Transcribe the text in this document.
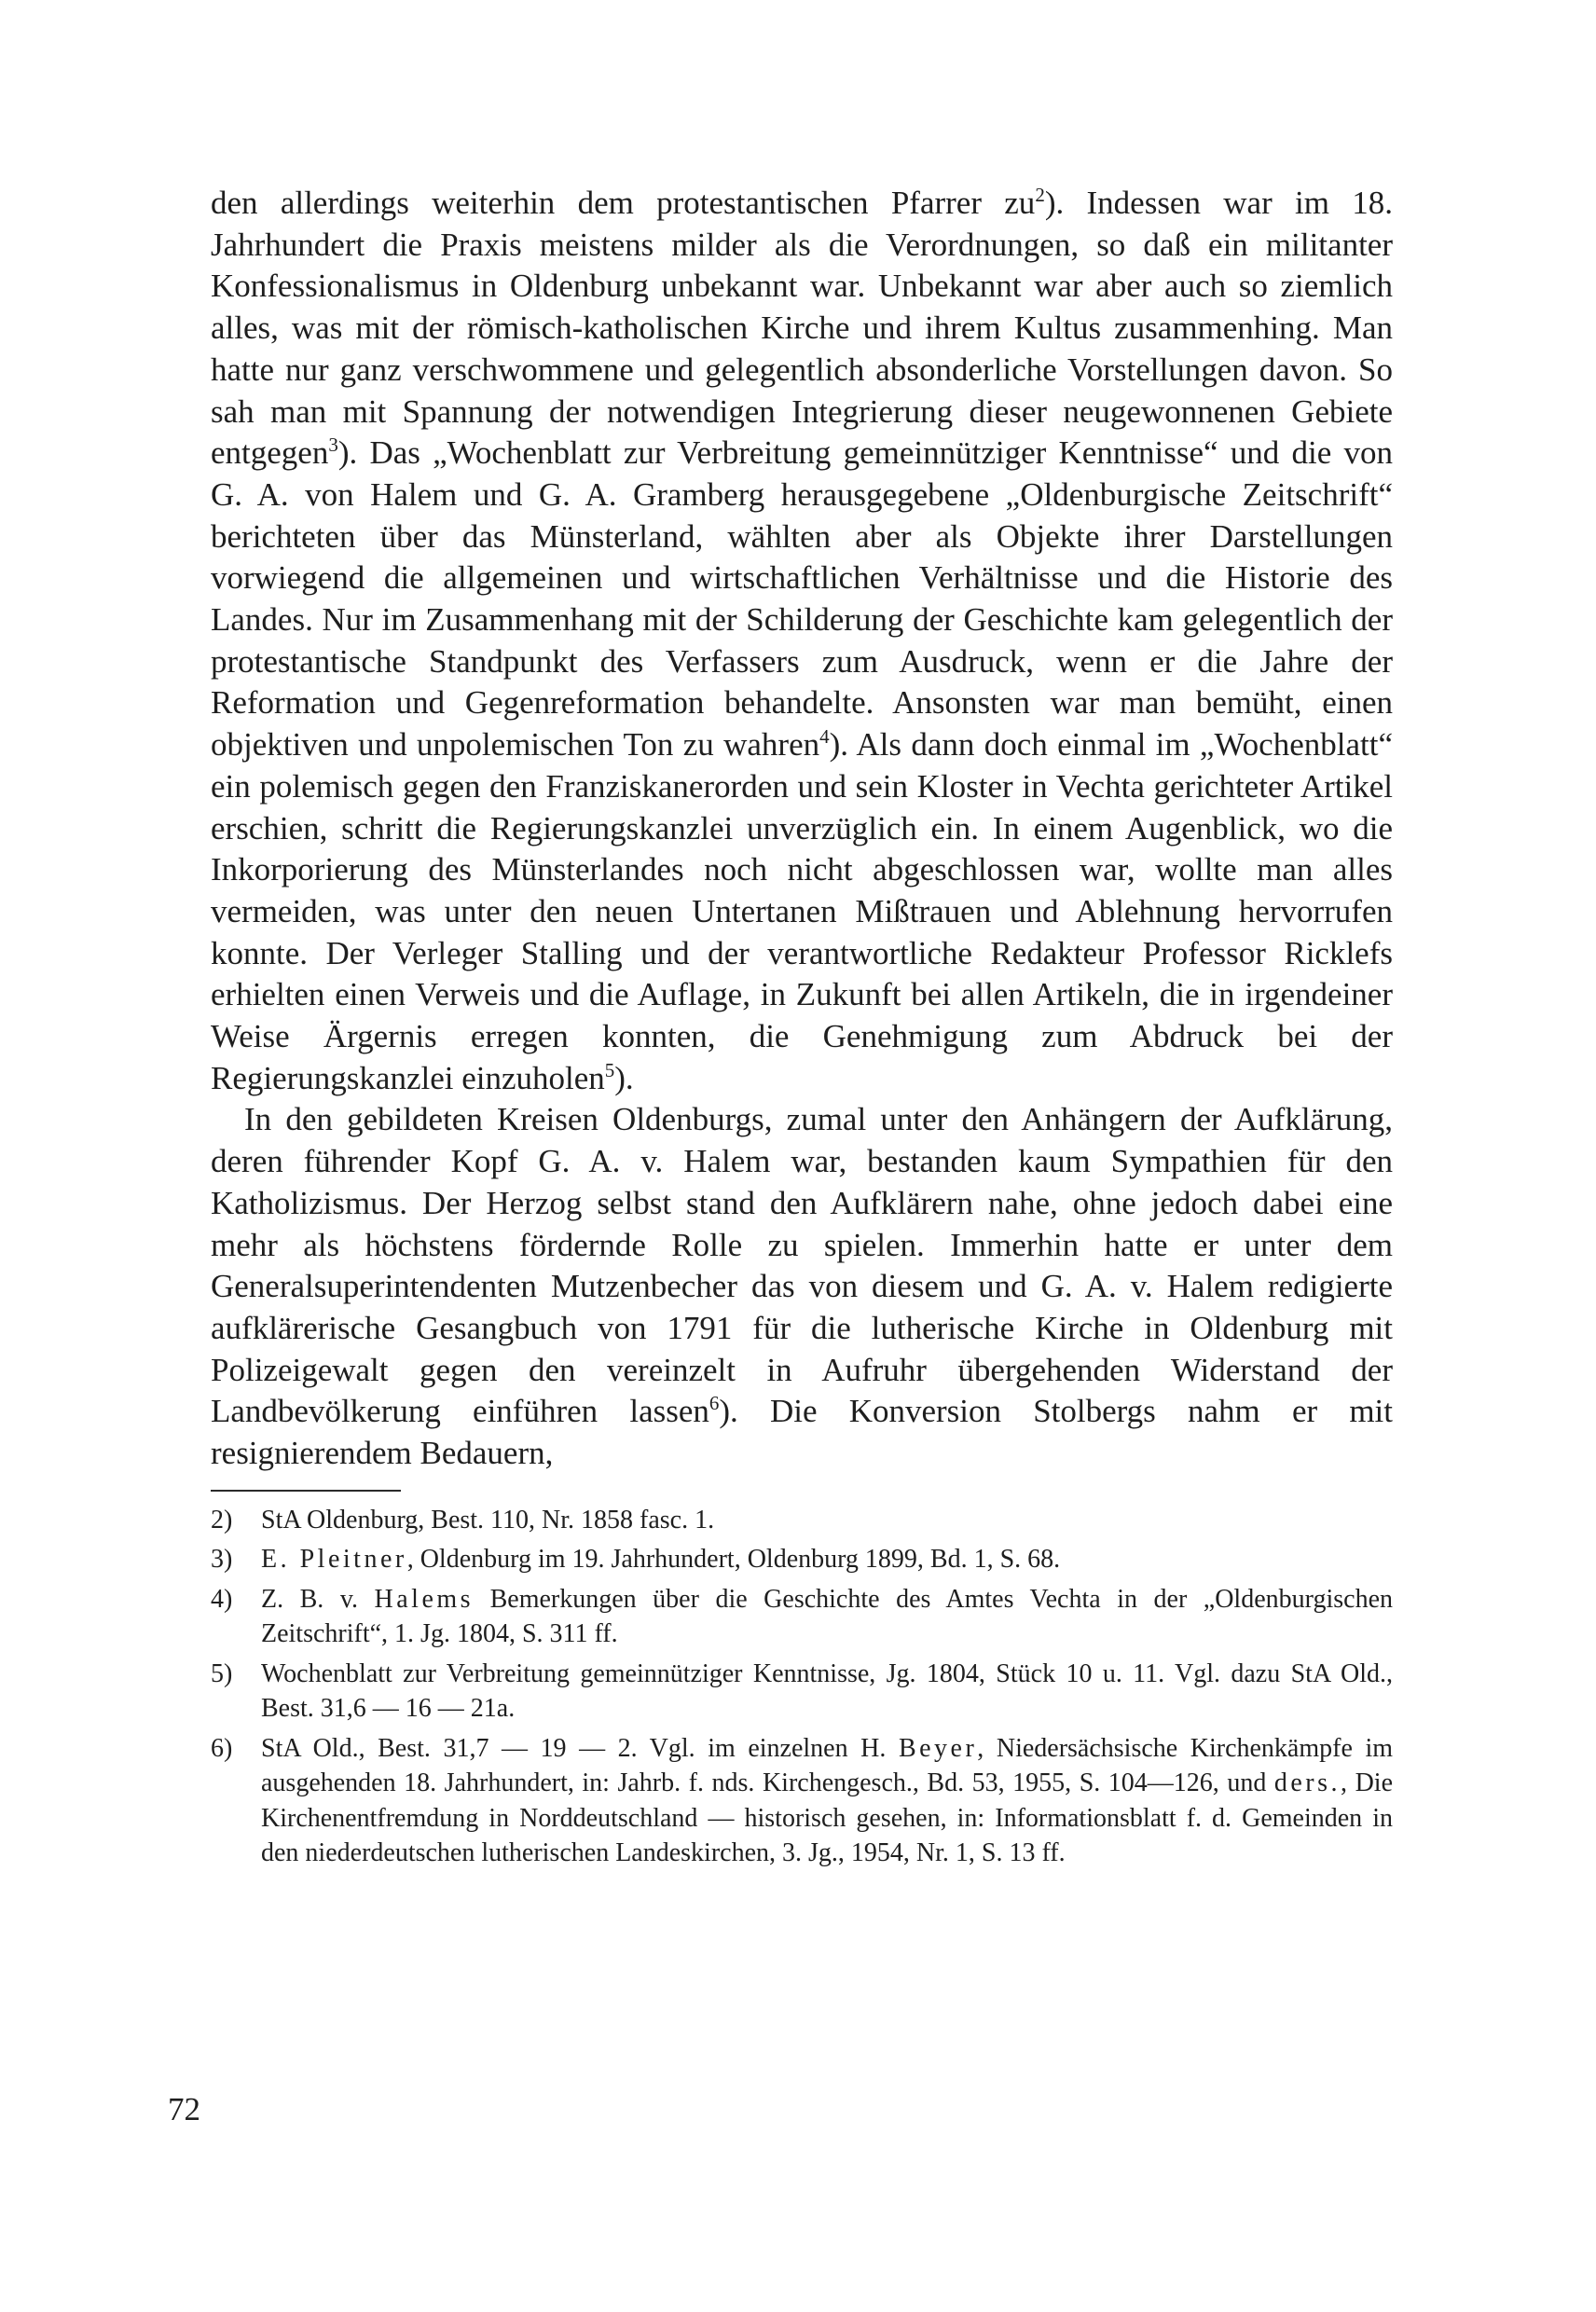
den allerdings weiterhin dem protestantischen Pfarrer $zu^2$). Indessen war im 18. Jahrhundert die Praxis meistens milder als die Verordnungen, so daß ein militanter Konfessionalismus in Oldenburg unbekannt war. Unbekannt war aber auch so ziemlich alles, was mit der römisch-katholischen Kirche und ihrem Kultus zusammenhing. Man hatte nur ganz verschwommene und gelegentlich absonderliche Vorstellungen davon. So sah man mit Spannung der notwendigen Integrierung dieser neugewonnenen Gebiete entgegen$^3$). Das „Wochenblatt zur Verbreitung gemeinnütziger Kenntnisse“ und die von G. A. von Halem und G. A. Gramberg herausgegebene „Oldenburgische Zeitschrift“ berichteten über das Münsterland, wählten aber als Objekte ihrer Darstellungen vorwiegend die allgemeinen und wirtschaftlichen Verhältnisse und die Historie des Landes. Nur im Zusammenhang mit der Schilderung der Geschichte kam gelegentlich der protestantische Standpunkt des Verfassers zum Ausdruck, wenn er die Jahre der Reformation und Gegenreformation behandelte. Ansonsten war man bemüht, einen objektiven und unpolemischen Ton zu wahren$^4$). Als dann doch einmal im „Wochenblatt“ ein polemisch gegen den Franziskanerorden und sein Kloster in Vechta gerichteter Artikel erschien, schritt die Regierungskanzlei unverzüglich ein. In einem Augenblick, wo die Inkorporierung des Münsterlandes noch nicht abgeschlossen war, wollte man alles vermeiden, was unter den neuen Untertanen Mißtrauen und Ablehnung hervorrufen konnte. Der Verleger Stalling und der verantwortliche Redakteur Professor Ricklefs erhielten einen Verweis und die Auflage, in Zukunft bei allen Artikeln, die in irgendeiner Weise Ärgernis erregen konnten, die Genehmigung zum Abdruck bei der Regierungskanzlei einzuholen$^5$).

In den gebildeten Kreisen Oldenburgs, zumal unter den Anhängern der Aufklärung, deren führender Kopf G. A. v. Halem war, bestanden kaum Sympathien für den Katholizismus. Der Herzog selbst stand den Aufklärern nahe, ohne jedoch dabei eine mehr als höchstens fördernde Rolle zu spielen. Immerhin hatte er unter dem Generalsuperintendenten Mutzenbecher das von diesem und G. A. v. Halem redigierte aufklärerische Gesangbuch von 1791 für die lutherische Kirche in Oldenburg mit Polizeigewalt gegen den vereinzelt in Aufruhr übergehenden Widerstand der Landbevölkerung einführen lassen$^6$). Die Konversion Stolbergs nahm er mit resignierendem Bedauern,

2)	StA Oldenburg, Best. 110, Nr. 1858 fasc. 1.
3)	E. Pleitner, Oldenburg im 19. Jahrhundert, Oldenburg 1899, Bd. 1, S. 68.
4)	Z. B. v. Halems Bemerkungen über die Geschichte des Amtes Vechta in der „Oldenburgischen Zeitschrift“, 1. Jg. 1804, S. 311 ff.
5)	Wochenblatt zur Verbreitung gemeinnütziger Kenntnisse, Jg. 1804, Stück 10 u. 11. Vgl. dazu StA Old., Best. 31,6 — 16 — 21a.
6)	StA Old., Best. 31,7 — 19 — 2. Vgl. im einzelnen H. Beyer, Niedersächsische Kirchenkämpfe im ausgehenden 18. Jahrhundert, in: Jahrb. f. nds. Kirchengesch., Bd. 53, 1955, S. 104—126, und ders., Die Kirchenentfremdung in Norddeutschland — historisch gesehen, in: Informationsblatt f. d. Gemeinden in den niederdeutschen lutherischen Landeskirchen, 3. Jg., 1954, Nr. 1, S. 13 ff.

72
